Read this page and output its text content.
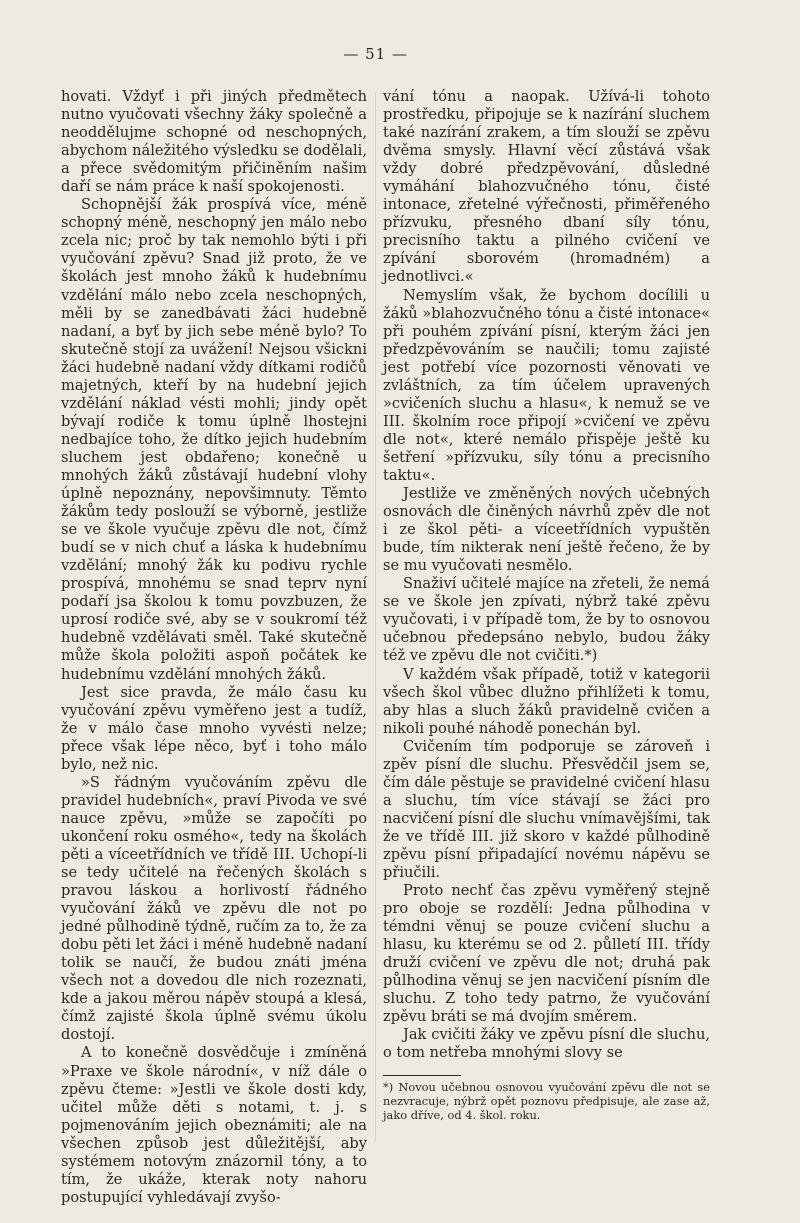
— 51 —

hovati. Vždyť i při jiných předmětech nutno vyučovati všechny žáky společně a neoddělujme schopné od neschopných, abychom náležitého výsledku se dodělali, a přece svědomitým přičiněním našim daří se nám práce k naší spokojenosti.

Schopnější žák prospívá více, méně schopný méně, neschopný jen málo nebo zcela nic; proč by tak nemohlo býti i při vyučování zpěvu? Snad již proto, že ve školách jest mnoho žáků k hudebnímu vzdělání málo nebo zcela neschopných, měli by se zanedbávati žáci hudebně nadaní, a byť by jich sebe méně bylo? To skutečně stojí za uvážení! Nejsou všickni žáci hudebně nadaní vždy dítkami rodičů majetných, kteří by na hudební jejich vzdělání náklad vésti mohli; jindy opět bývají rodiče k tomu úplně lhostejni nedbajíce toho, že dítko jejich hudebním sluchem jest obdařeno; konečně u mnohých žáků zůstávají hudební vlohy úplně nepoznány, nepovšimnuty. Těmto žákům tedy poslouží se výborně, jestliže se ve škole vyučuje zpěvu dle not, čímž budí se v nich chuť a láska k hudebnímu vzdělání; mnohý žák ku podivu rychle prospívá, mnohému se snad teprv nyní podaří jsa školou k tomu povzbuzen, že uprosí rodiče své, aby se v soukromí též hudebně vzdělávati směl. Také skutečně může škola položiti aspoň počátek ke hudebnímu vzdělání mnohých žáků.

Jest sice pravda, že málo času ku vyučování zpěvu vyměřeno jest a tudíž, že v málo čase mnoho vyvésti nelze; přece však lépe něco, byť i toho málo bylo, než nic.

»S řádným vyučováním zpěvu dle pravidel hudebních«, praví Pivoda ve své nauce zpěvu, »může se započíti po ukončení roku osmého«, tedy na školách pěti a víceetřídních ve třídě III. Uchopí-li se tedy učitelé na řečených školách s pravou láskou a horlivostí řádného vyučování žáků ve zpěvu dle not po jedné půlhodině týdně, ručím za to, že za dobu pěti let žáci i méně hudebně nadaní tolik se naučí, že budou znáti jména všech not a dovedou dle nich rozeznati, kde a jakou měrou nápěv stoupá a klesá, čímž zajisté škola úplně svému úkolu dostojí.

A to konečně dosvědčuje i zmíněná »Praxe ve škole národní«, v níž dále o zpěvu čteme: »Jestli ve škole dosti kdy, učitel může děti s notami, t. j. s pojmenováním jejich obeznámiti; ale na všechen způsob jest důležitější, aby systémem notovým znázornil tóny, a to tím, že ukáže, kterak noty nahoru postupující vyhledávají zvyšo-

vání tónu a naopak. Užívá-li tohoto prostředku, připojuje se k nazírání sluchem také nazírání zrakem, a tím slouží se zpěvu dvěma smysly. Hlavní věcí zůstává však vždy dobré předzpěvování, důsledné vymáhání blahozvučného tónu, čisté intonace, zřetelné výřečnosti, přiměřeného přízvuku, přesného dbaní síly tónu, precisního taktu a pilného cvičení ve zpívání sborovém (hromadném) a jednotlivci.«

Nemyslím však, že bychom docílili u žáků »blahozvučného tónu a čisté intonace« při pouhém zpívání písní, kterým žáci jen předzpěvováním se naučili; tomu zajisté jest potřebí více pozornosti věnovati ve zvláštních, za tím účelem upravených »cvičeních sluchu a hlasu«, k nemuž se ve III. školním roce připojí »cvičení ve zpěvu dle not«, které nemálo přispěje ještě ku šetření »přízvuku, síly tónu a precisního taktu«.

Jestliže ve změněných nových učebných osnovách dle činěných návrhů zpěv dle not i ze škol pěti- a víceetřídních vypuštěn bude, tím nikterak není ještě řečeno, že by se mu vyučovati nesmělo.

Snaživí učitelé majíce na zřeteli, že nemá se ve škole jen zpívati, nýbrž také zpěvu vyučovati, i v případě tom, že by to osnovou učebnou předepsáno nebylo, budou žáky též ve zpěvu dle not cvičiti.*)

V každém však případě, totiž v kategorii všech škol vůbec dlužno přihlížeti k tomu, aby hlas a sluch žáků pravidelně cvičen a nikoli pouhé náhodě ponechán byl.

Cvičením tím podporuje se zároveň i zpěv písní dle sluchu. Přesvědčil jsem se, čím dále pěstuje se pravidelné cvičení hlasu a sluchu, tím více stávají se žáci pro nacvičení písní dle sluchu vnímavějšími, tak že ve třídě III. již skoro v každé půlhodině zpěvu písní připadající novému nápěvu se přiučili.

Proto nechť čas zpěvu vyměřený stejně pro oboje se rozdělí: Jedna půlhodina v témdni věnuj se pouze cvičení sluchu a hlasu, ku kterému se od 2. půlletí III. třídy druží cvičení ve zpěvu dle not; druhá pak půlhodina věnuj se jen nacvičení písním dle sluchu. Z toho tedy patrno, že vyučování zpěvu bráti se má dvojím směrem.

Jak cvičiti žáky ve zpěvu písní dle sluchu, o tom netřeba mnohými slovy se

*) Novou učebnou osnovou vyučování zpěvu dle not se nezvracuje, nýbrž opět poznovu předpisuje, ale zase až, jako dříve, od 4. škol. roku.
